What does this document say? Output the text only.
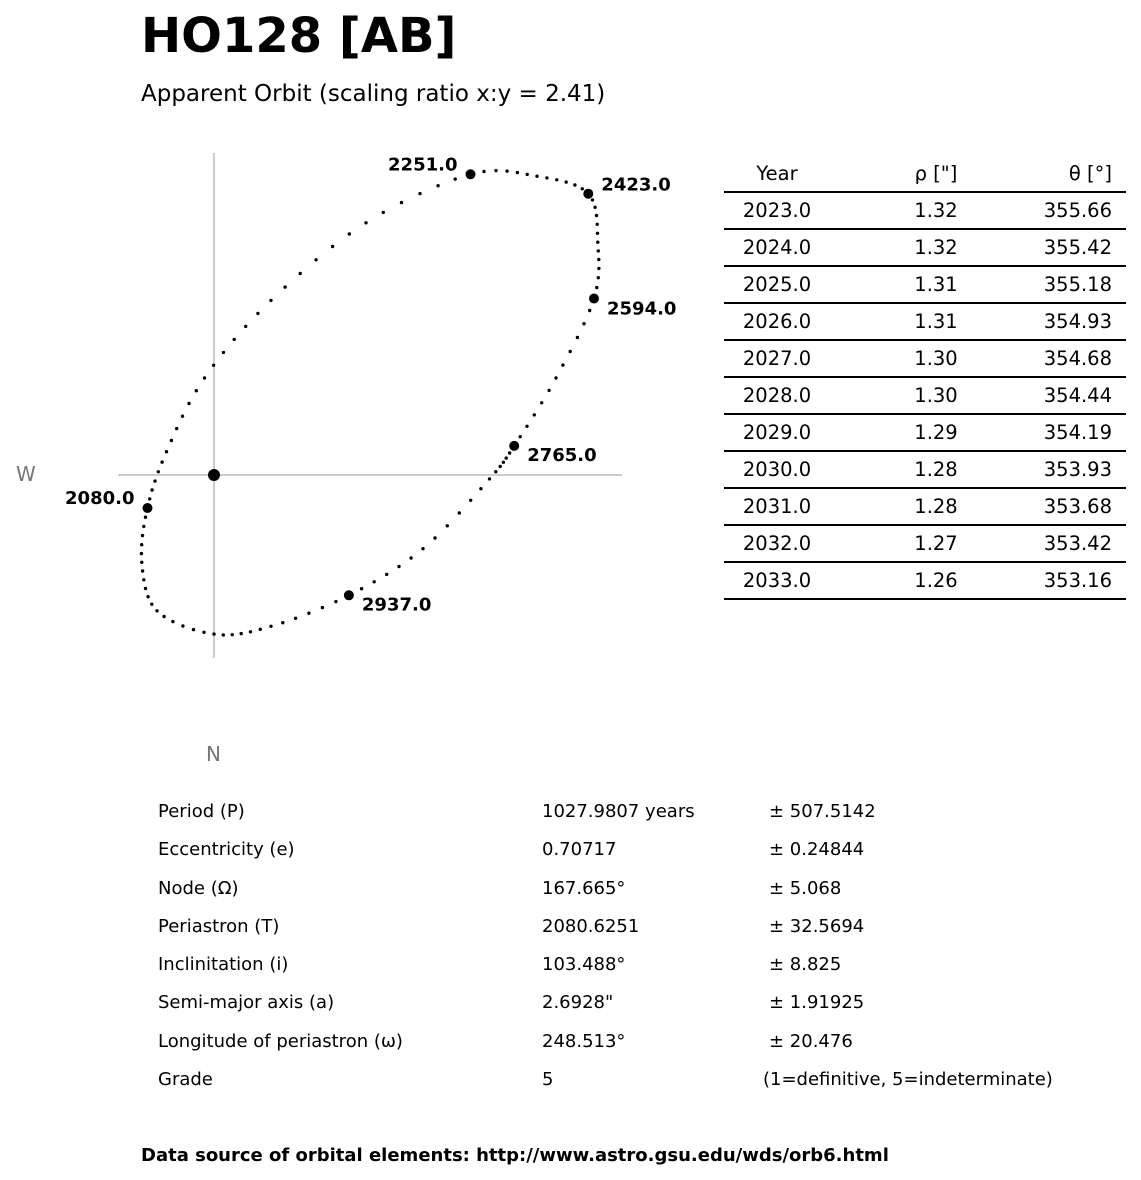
HO128 [AB]
Apparent Orbit (scaling ratio x:y = 2.41)
W
N
2080.0
2251.0
2423.0
2594.0
2765.0
2937.0
Year	ρ ["]	θ [°]
2023.0	1.32	355.66
2024.0	1.32	355.42
2025.0	1.31	355.18
2026.0	1.31	354.93
2027.0	1.30	354.68
2028.0	1.30	354.44
2029.0	1.29	354.19
2030.0	1.28	353.93
2031.0	1.28	353.68
2032.0	1.27	353.42
2033.0	1.26	353.16
Period (P)	1027.9807 years	± 507.5142
Eccentricity (e)	0.70717	± 0.24844
Node (Ω)	167.665°	± 5.068
Periastron (T)	2080.6251	± 32.5694
Inclinitation (i)	103.488°	± 8.825
Semi-major axis (a)	2.6928"	± 1.91925
Longitude of periastron (ω)	248.513°	± 20.476
Grade	5	(1=definitive, 5=indeterminate)
Data source of orbital elements: http://www.astro.gsu.edu/wds/orb6.html
